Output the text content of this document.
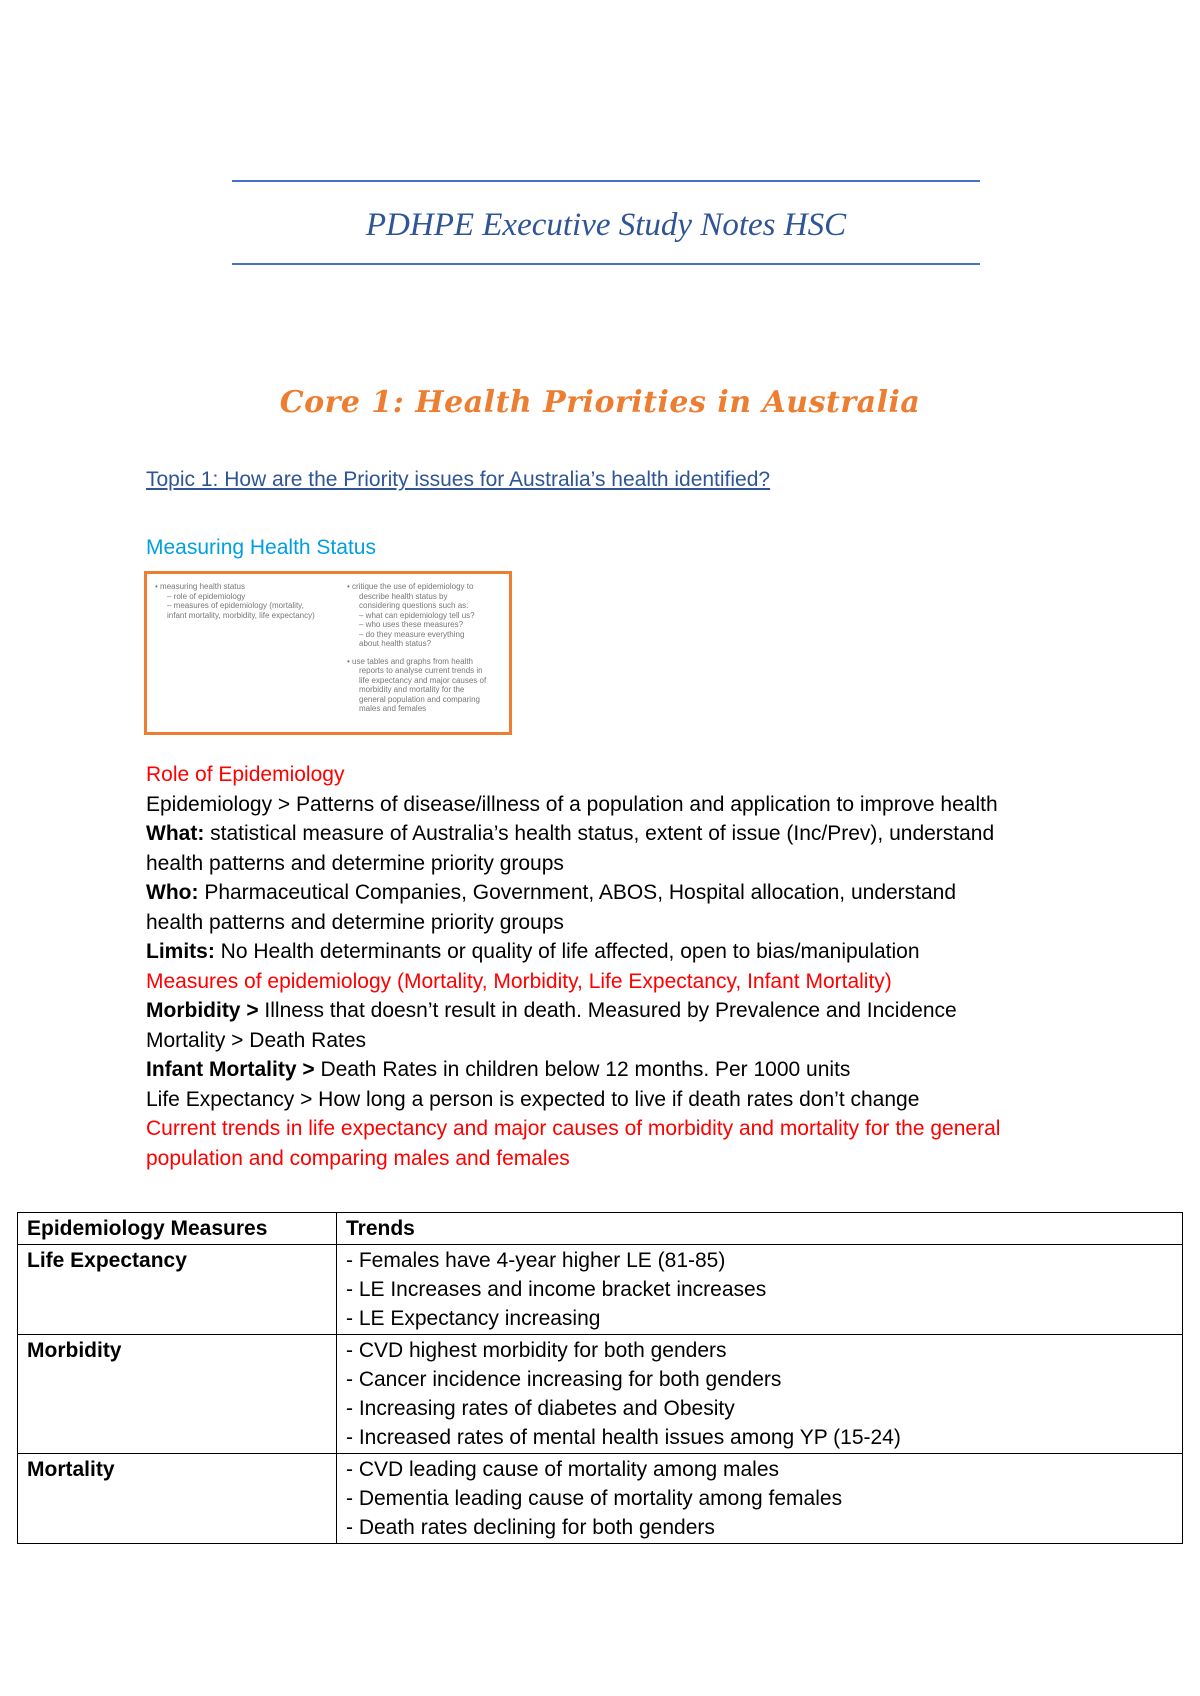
PDHPE Executive Study Notes HSC
Core 1: Health Priorities in Australia
Topic 1: How are the Priority issues for Australia’s health identified?
Measuring Health Status

• measuring health status

– role of epidemiology

– measures of epidemiology (mortality,

infant mortality, morbidity, life expectancy)

• critique the use of epidemiology to

describe health status by

considering questions such as:

– what can epidemiology tell us?

– who uses these measures?

– do they measure everything

about health status?

• use tables and graphs from health

reports to analyse current trends in

life expectancy and major causes of

morbidity and mortality for the

general population and comparing

males and females

Role of Epidemiology
Epidemiology > Patterns of disease/illness of a population and application to improve health
What: statistical measure of Australia’s health status, extent of issue (Inc/Prev), understand
health patterns and determine priority groups
Who: Pharmaceutical Companies, Government, ABOS, Hospital allocation, understand
health patterns and determine priority groups
Limits: No Health determinants or quality of life affected, open to bias/manipulation
Measures of epidemiology (Mortality, Morbidity, Life Expectancy, Infant Mortality)
Morbidity > Illness that doesn’t result in death. Measured by Prevalence and Incidence
Mortality > Death Rates
Infant Mortality > Death Rates in children below 12 months. Per 1000 units
Life Expectancy > How long a person is expected to live if death rates don’t change
Current trends in life expectancy and major causes of morbidity and mortality for the general
population and comparing males and females
Epidemiology Measures	Trends
Life Expectancy	- Females have 4-year higher LE (81-85)
- LE Increases and income bracket increases
- LE Expectancy increasing

Morbidity	- CVD highest morbidity for both genders
- Cancer incidence increasing for both genders
- Increasing rates of diabetes and Obesity
- Increased rates of mental health issues among YP (15-24)

Mortality	- CVD leading cause of mortality among males
- Dementia leading cause of mortality among females
- Death rates declining for both genders
